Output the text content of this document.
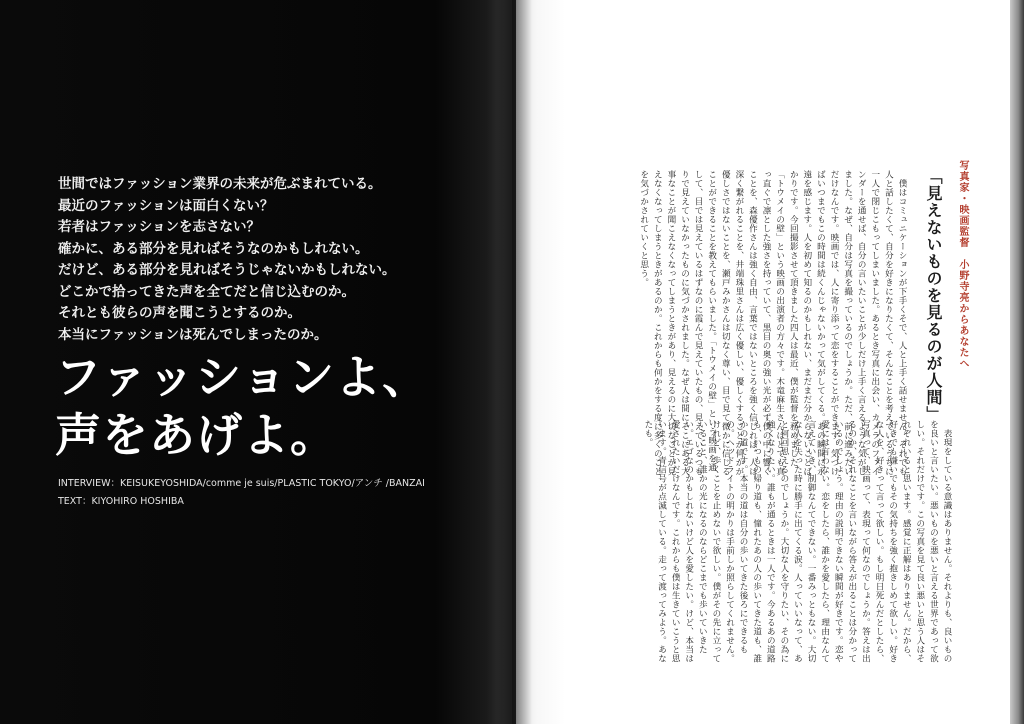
世間ではファッション業界の未来が危ぶまれている。
最近のファッションは面白くない？
若者はファッションを志さない？
確かに、ある部分を見ればそうなのかもしれない。
だけど、ある部分を見ればそうじゃないかもしれない。
どこかで拾ってきた声を全てだと信じ込むのか。
それとも彼らの声を聞こうとするのか。
本当にファッションは死んでしまったのか。
ファッションよ、
声をあげよ。
INTERVIEW：KEISUKEYOSHIDA/comme je suis/PLASTIC TOKYO/アンチ /BANZAI
TEXT：KIYOHIRO HOSHIBA
写真家・映画監督　小野寺亮からあなたへ
「見えないものを見るのが人間」

僕はコミュニケーションが下手くそで、人と上手く話せません。それでも人と話したくて、自分を好きになりたくて、そんなことを考えているうちに一人で閉じこもってしまいました。あるとき写真に出会い、カメラのファインダーを通せば、自分の言いたいことが少しだけ上手く言えるような気がしました。なぜ、自分は写真を撮っているのでしょうか。ただ、前に進みたいだけなんです。映画では、人に寄り添って恋をすることができます。気づけばいつまでもこの時間は続くんじゃないかって気がしてくる。あの瞬間に永遠を感じます。人を初めて知るのかもしれない、まだまだ分からないことばかりです。今回撮影させて頂きました四人は最近、僕が監督を務めました「トウメイの壁」という映画の出演者の方々です。木竜麻生さんはとても真っ直ぐで凛とした強さを持っていて、黒目の奥の強い光が必ず僕の中に響くことを、森優作さんは強く自由、言葉ではないところを強く信じれば、人は深く繋がれることを、井端珠里さんは広く優しい、優しくすることが何かが優しさではないことを、瀬戸みかさんは切なく尊い、目で見て微かに信じることができることを教えてもらいました。「トウメイの壁」という映画を通して、目では見えているはずなのに霞んで見えていたもの、見えているつもりで見えていなかったものに気づかされました。なぜ人は間にそこにある大事なことが聞こえなくなってしまうときがあり、見えるのに大切なことが見えなくなってしまうときがあるのか。これからも何かをする度に多くのことを気づかされていくと思う。

表現をしている意識はありません。それよりも、良いものを良いと言いたい。悪いものを悪いと言える世界であって欲しい。それだけです。この写真を見て良い悪いと思う人はそれぞれいると思います。感覚に正解はありません。だから、好きでも嫌いでもその気持ちを強く抱きしめて欲しい。好きな人を、好きって言って欲しい。もし明日死んだとしたら、写真って、映画って、表現って何なのでしょうか。答えは出るのか、それなことを言いながら答えが出ることは分かっているのでしょう。理由の説明できない瞬間が好きです。恋や愛には言わない。恋をしたら、誰かを愛したら、理由なんて言えていき、制御なんてできない。一番みっともない。大切な人を失った時に勝手に出てくる涙。人っていいなって、あと何回思えるのでしょうか。大切な人を守りたい、その為に強くなりたい。誰もが通るときは一人です。今あるあの道路も、いつもの帰り道も、憧れたあの人の歩いてきた道も、誰かの道です。本当の道は自分の歩いてきた後ろにできるもの。ヘッドライトの明かりは手前しか照らしてくれません。けれど、歩くことを止めないで欲しい。僕がその先に立っていること、誰かの光になるのならどこまでも歩いていきたい。エゴなのかもしれないけど人を愛したい。けど、本当は愛されたいだけなんです。これからも僕は生きていこうと思います。青信号が点滅している。走って渡ってみよう。あなたも。
